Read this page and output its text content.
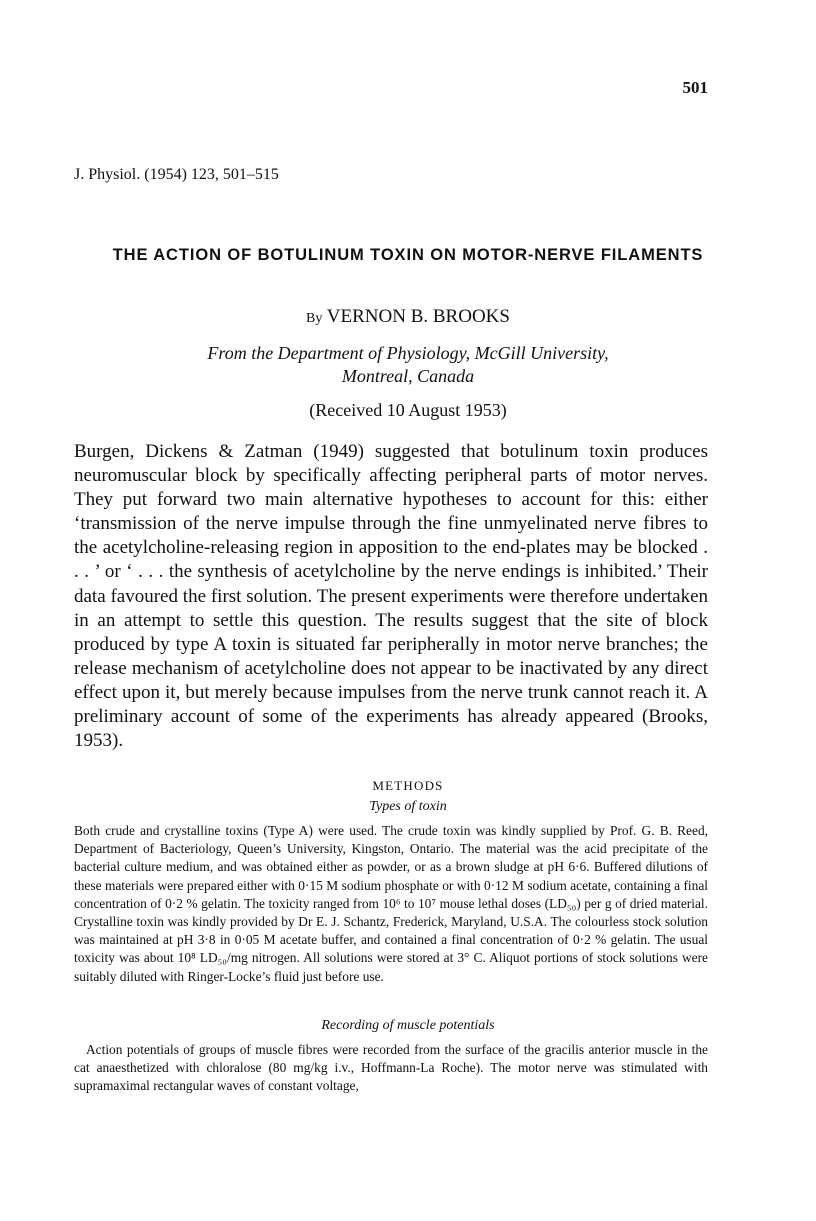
501
J. Physiol. (1954) 123, 501–515
THE ACTION OF BOTULINUM TOXIN ON MOTOR-NERVE FILAMENTS
By VERNON B. BROOKS
From the Department of Physiology, McGill University,
Montreal, Canada
(Received 10 August 1953)

Burgen, Dickens & Zatman (1949) suggested that botulinum toxin produces neuromuscular block by specifically affecting peripheral parts of motor nerves. They put forward two main alternative hypotheses to account for this: either ‘transmission of the nerve impulse through the fine unmyelinated nerve fibres to the acetylcholine-releasing region in apposition to the end-plates may be blocked . . . ’ or ‘ . . . the synthesis of acetylcholine by the nerve endings is inhibited.’ Their data favoured the first solution. The present experiments were therefore undertaken in an attempt to settle this question. The results suggest that the site of block produced by type A toxin is situated far peripherally in motor nerve branches; the release mechanism of acetylcholine does not appear to be inactivated by any direct effect upon it, but merely because impulses from the nerve trunk cannot reach it. A preliminary account of some of the experiments has already appeared (Brooks, 1953).

METHODS
Types of toxin

Both crude and crystalline toxins (Type A) were used. The crude toxin was kindly supplied by Prof. G. B. Reed, Department of Bacteriology, Queen’s University, Kingston, Ontario. The material was the acid precipitate of the bacterial culture medium, and was obtained either as powder, or as a brown sludge at pH 6·6. Buffered dilutions of these materials were prepared either with 0·15 M sodium phosphate or with 0·12 M sodium acetate, containing a final concentration of 0·2 % gelatin. The toxicity ranged from 10⁶ to 10⁷ mouse lethal doses (LD₅₀) per g of dried material. Crystalline toxin was kindly provided by Dr E. J. Schantz, Frederick, Maryland, U.S.A. The colourless stock solution was maintained at pH 3·8 in 0·05 M acetate buffer, and contained a final concentration of 0·2 % gelatin. The usual toxicity was about 10⁸ LD₅₀/mg nitrogen. All solutions were stored at 3° C. Aliquot portions of stock solutions were suitably diluted with Ringer-Locke’s fluid just before use.

Recording of muscle potentials

Action potentials of groups of muscle fibres were recorded from the surface of the gracilis anterior muscle in the cat anaesthetized with chloralose (80 mg/kg i.v., Hoffmann-La Roche). The motor nerve was stimulated with supramaximal rectangular waves of constant voltage,
